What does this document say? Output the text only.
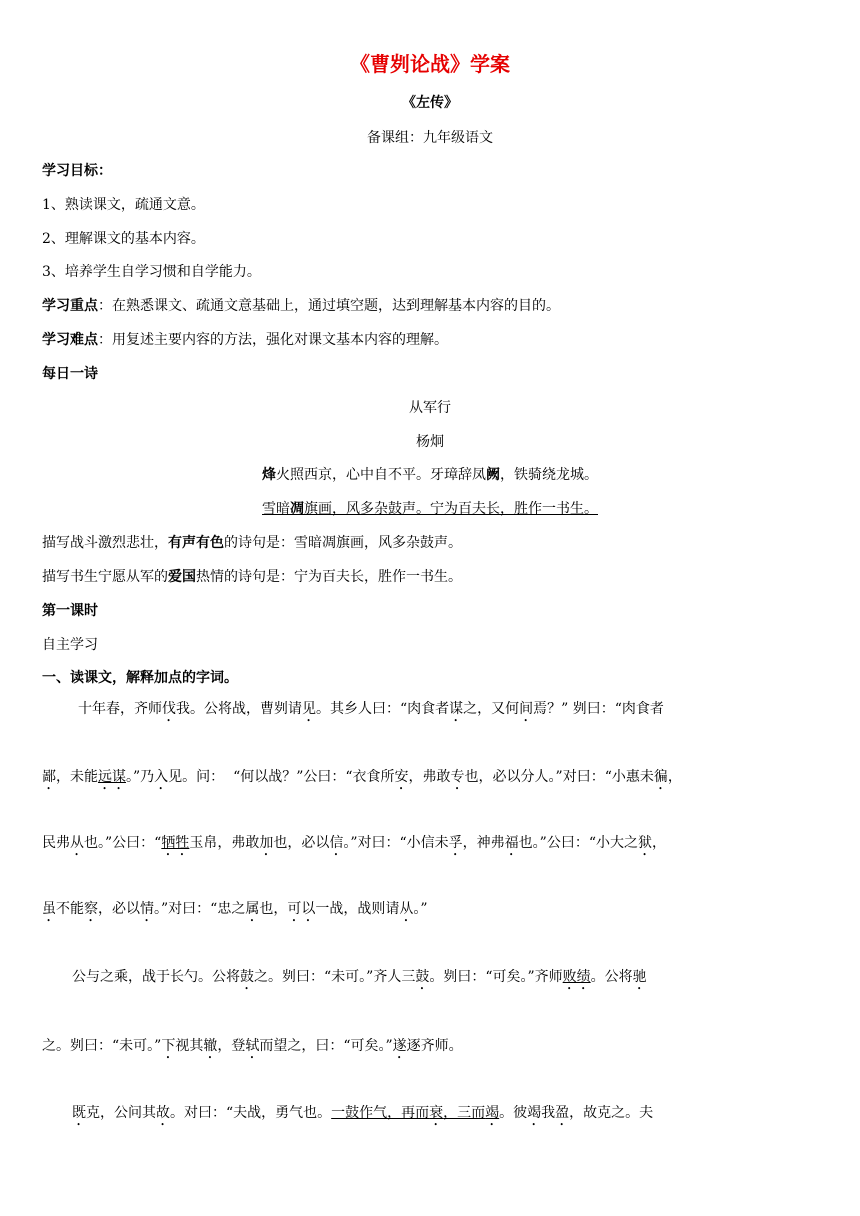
《曹刿论战》学案
《左传》
备课组：九年级语文
学习目标：
1、熟读课文，疏通文意。
2、理解课文的基本内容。
3、培养学生自学习惯和自学能力。
学习重点：在熟悉课文、疏通文意基础上，通过填空题，达到理解基本内容的目的。
学习难点：用复述主要内容的方法，强化对课文基本内容的理解。
每日一诗
从军行
杨炯
烽火照西京，心中自不平。牙璋辞凤阙，铁骑绕龙城。
雪暗凋旗画，风多杂鼓声。宁为百夫长，胜作一书生。
描写战斗激烈悲壮，有声有色的诗句是：雪暗凋旗画，风多杂鼓声。
描写书生宁愿从军的爱国热情的诗句是：宁为百夫长，胜作一书生。
第一课时
自主学习
一、读课文，解释加点的字词。
十年春，齐师伐我。公将战，曹刿请见。其乡人曰：“肉食者谋之，又何间焉？” 刿曰：“肉食者
鄙，未能远谋。”乃入见。问：  “何以战？”公曰：“衣食所安，弗敢专也，必以分人。”对曰：“小惠未徧，
民弗从也。”公曰：“牺牲玉帛，弗敢加也，必以信。”对曰：“小信未孚，神弗福也。”公曰：“小大之狱，
虽不能察，必以情。”对曰：“忠之属也，可以一战，战则请从。”
公与之乘，战于长勺。公将鼓之。刿曰：“未可。”齐人三鼓。刿曰：“可矣。”齐师败绩。公将驰
之。刿曰：“未可。”下视其辙，登轼而望之，曰：“可矣。”遂逐齐师。
既克，公问其故。对曰：“夫战，勇气也。一鼓作气，再而衰，三而竭。彼竭我盈，故克之。夫
